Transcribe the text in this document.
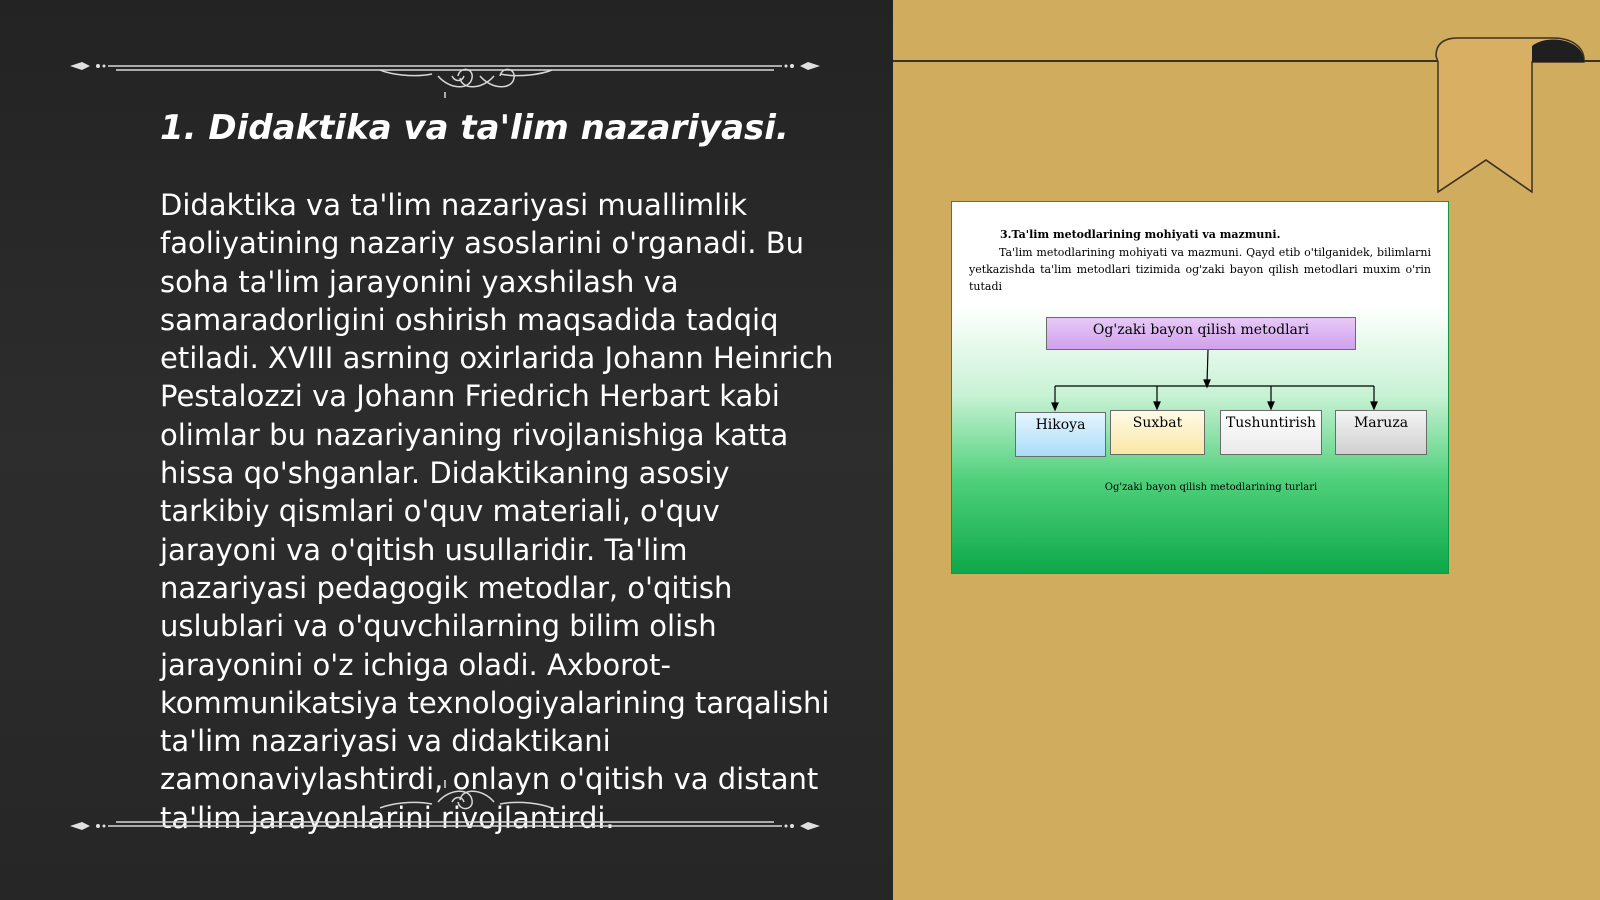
1. Didaktika va ta'lim nazariyasi.

Didaktika va ta'lim nazariyasi muallimlik faoliyatining nazariy asoslarini o'rganadi. Bu soha ta'lim jarayonini yaxshilash va samaradorligini oshirish maqsadida tadqiq etiladi. XVIII asrning oxirlarida Johann Heinrich Pestalozzi va Johann Friedrich Herbart kabi olimlar bu nazariyaning rivojlanishiga katta hissa qo'shganlar. Didaktikaning asosiy tarkibiy qismlari o'quv materiali, o'quv jarayoni va o'qitish usullaridir. Ta'lim nazariyasi pedagogik metodlar, o'qitish uslublari va o'quvchilarning bilim olish jarayonini o'z ichiga oladi. Axborot-kommunikatsiya texnologiyalarining tarqalishi ta'lim nazariyasi va didaktikani zamonaviylashtirdi, onlayn o'qitish va distant ta'lim jarayonlarini rivojlantirdi.

3.Ta'lim metodlarining mohiyati va mazmuni.

Ta'lim metodlarining mohiyati va mazmuni. Qayd etib o'tilganidek, bilimlarni yetkazishda ta'lim metodlari tizimida og'zaki bayon qilish metodlari muxim o'rin tutadi

Og'zaki bayon qilish metodlari
Hikoya	Suxbat	Tushuntirish	Maruza

Og'zaki bayon qilish metodlarining turlari
